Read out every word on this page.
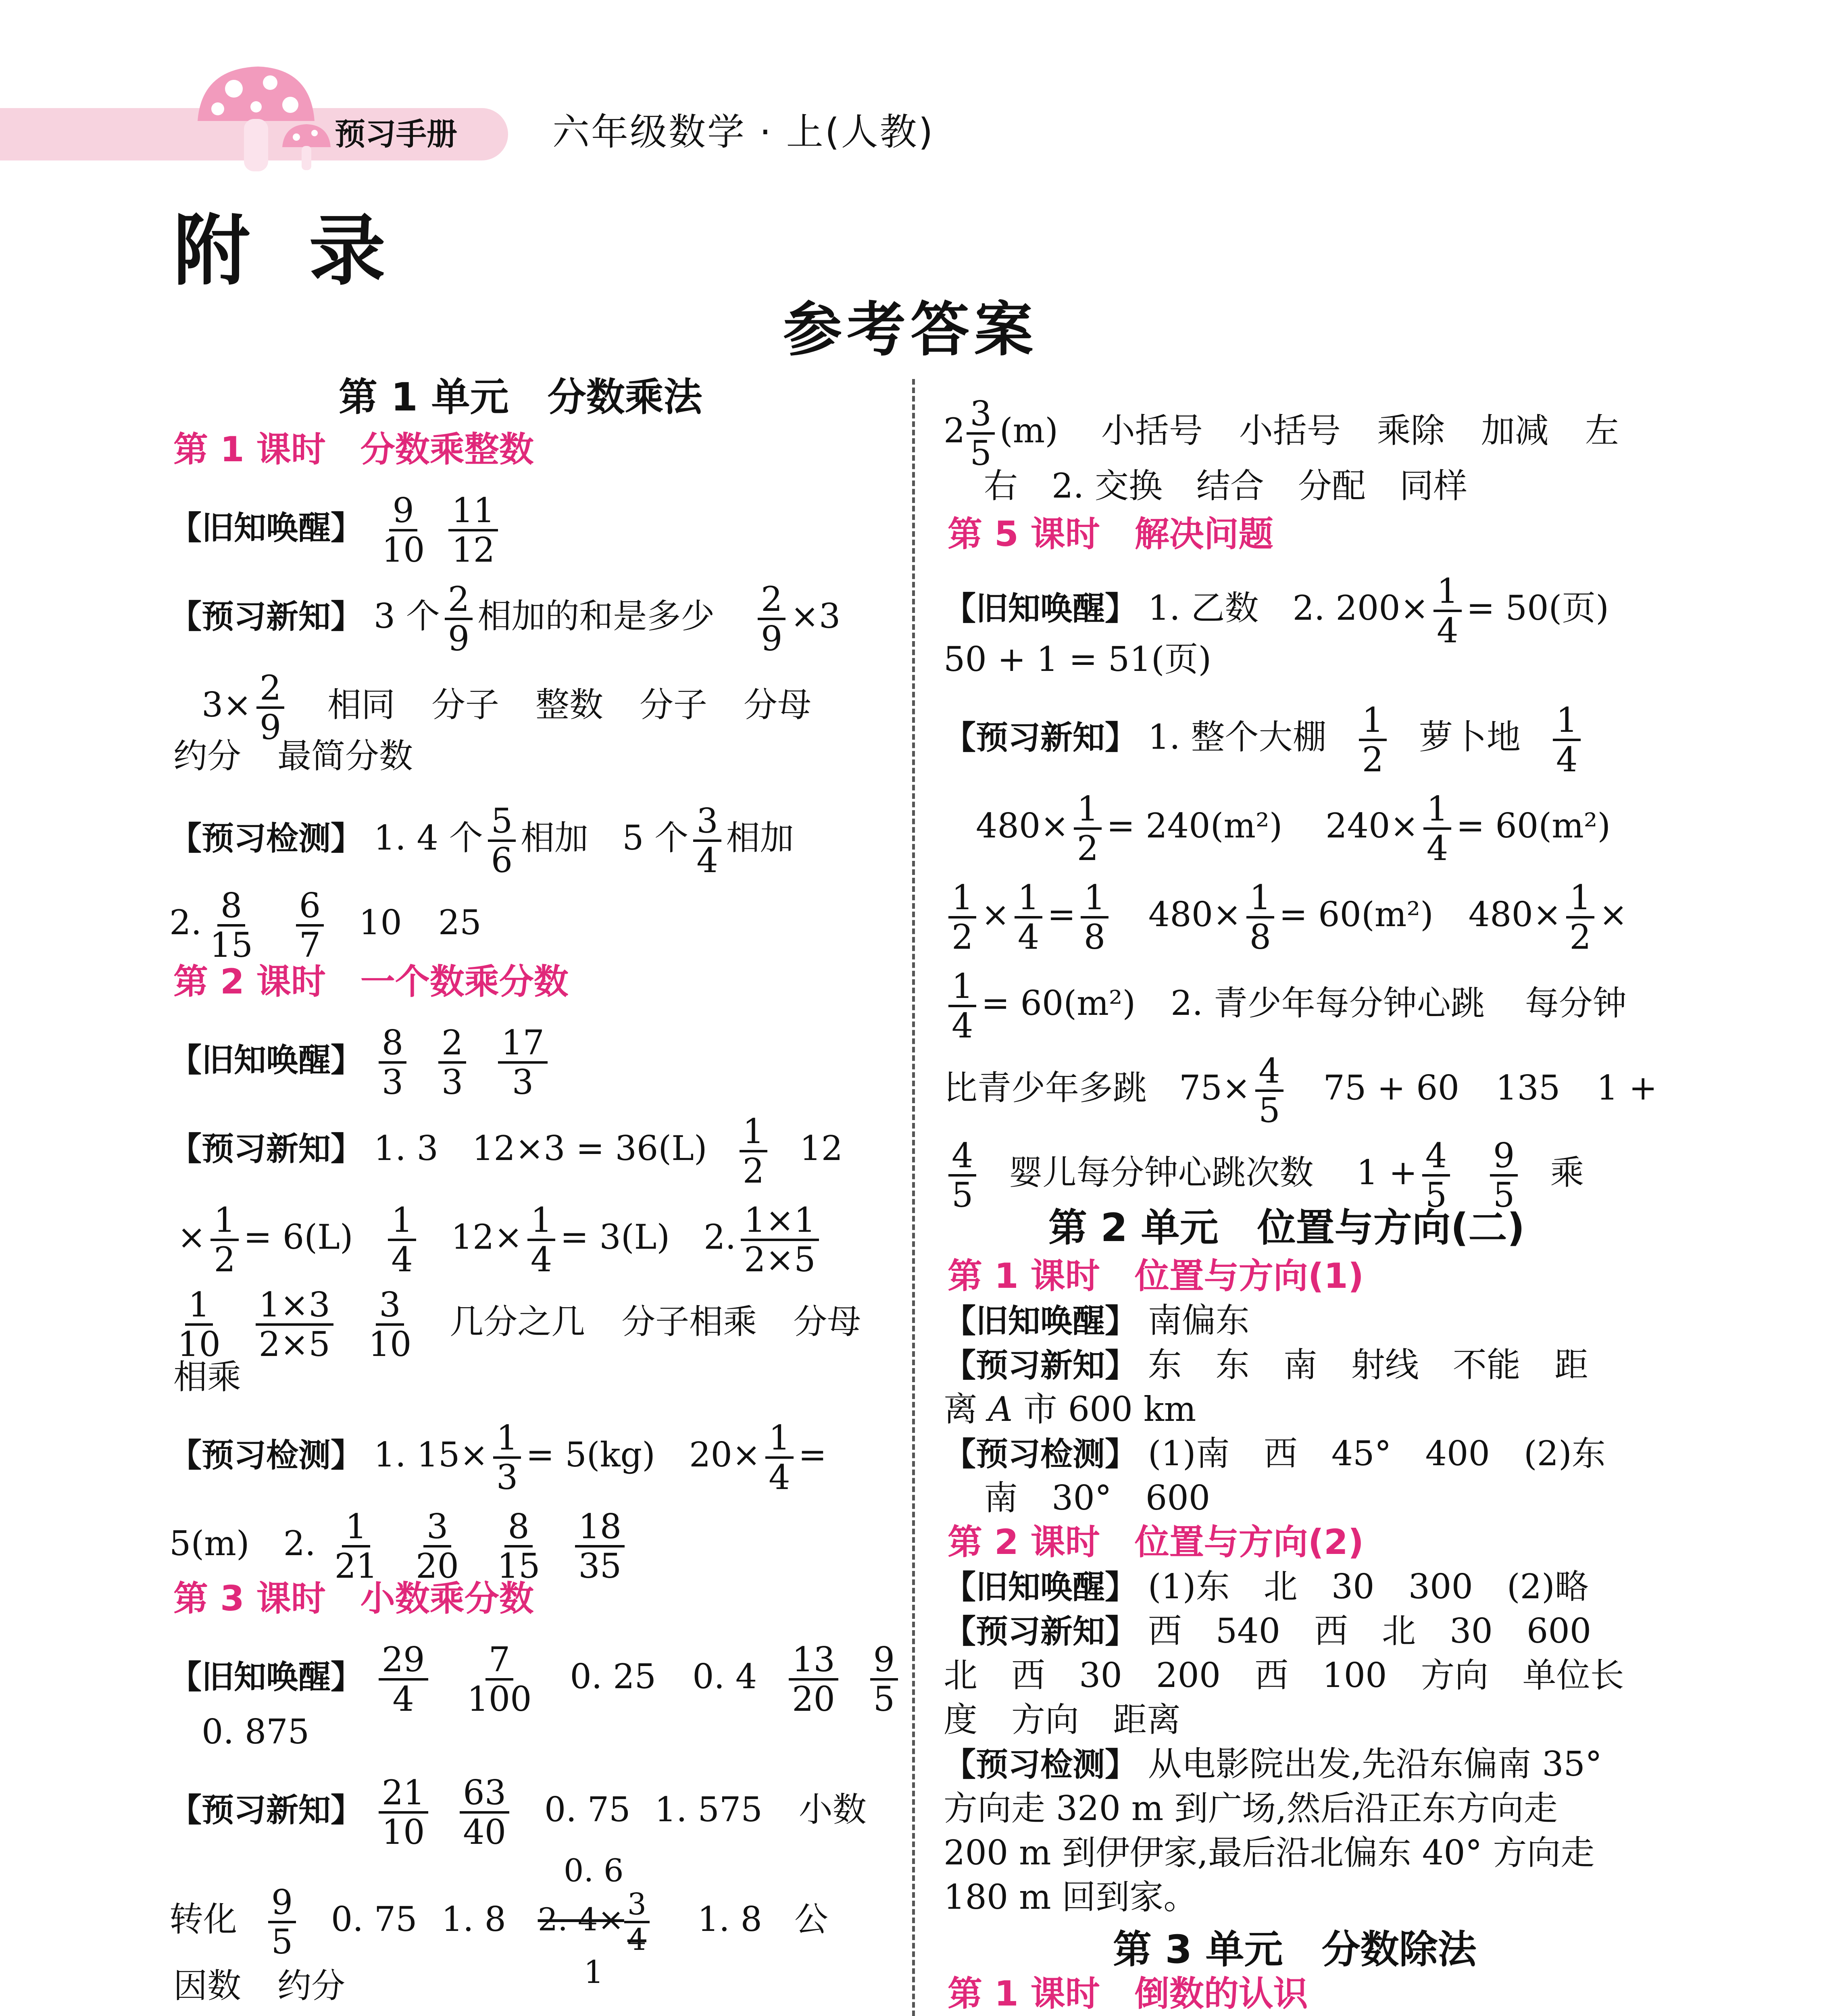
预习手册	六年级数学 · 上(人教)
附 录
参考答案
第 1 单元　分数乘法
第 1 课时　分数乘整数
【旧知唤醒】 $\frac{9}{10}$
$\frac{11}{12}$
【预习新知】 3 个 $\frac{2}{9}$ 相加的和是多少 $\frac{2}{9} \times 3$
$3\times \frac{2}{9}$ 相同 分子 整数 分子 分母
约分 最简分数
【预习检测】 1. 4 个 $\frac{5}{6}$ 相加　5 个 $\frac{3}{4}$ 相加
2. $\frac{8}{15}$
$\frac{6}{7} 10$ 25
第 2 课时　一个数乘分数
【旧知唤醒】 $\frac{8}{3}$
$\frac{2}{3}$
$\frac{17}{3}$
【预习新知】 1. 3　$12\times 3 = 36(L) \frac{1}{2} 12$
× $\frac{1}{2} = 6(L) \frac{1}{4} 12\times \frac{1}{4} = 3(L)$　2. $\frac{1\times 1}{2\times 5}$
$\frac{1}{10}$
$\frac{1\times 3}{2\times 5}$
$\frac{3}{10}$ 几分之几 分子相乘 分母
相乘
【预习检测】 1. $15\times \frac{1}{3} = 5(kg)$　$20\times \frac{1}{4}$ =
5(m)　2. $\frac{1}{21}$
$\frac{3}{20}$
$\frac{8}{15}$
$\frac{18}{35}$
第 3 课时　小数乘分数
【旧知唤醒】 $\frac{29}{4}$
$\frac{7}{100} 0$. 25 0. $4 \frac{13}{20}$
$\frac{9}{5}$
0. 875
【预习新知】 $\frac{21}{10}$
$\frac{63}{40} 0$. 75 1. 575 小数
转化 $\frac{9}{5} 0$. 75 1. 8
0. 6
2. $4\times \frac{3}{4}$
1
1. 8 公
因数 约分

$2 \frac{3}{5} (m)$ 小括号 小括号 乘除 加减 左
右　2. 交换　结合　分配　同样
第 5 课时　解决问题
【旧知唤醒】 1. 乙数　2. $200\times \frac{1}{4} = 50$(页)
50 + 1 = 51(页)
【预习新知】 1. 整个大棚 $\frac{1}{2}$ 萝卜地 $\frac{1}{4}$
$480\times \frac{1}{2} = 240(m^2)$ $240\times \frac{1}{4} = 60(m^2)$
$\frac{1}{2} \times \frac{1}{4} = \frac{1}{8} 480\times \frac{1}{8} = 60(m^2)$ $480\times \frac{1}{2}$ ×
$\frac{1}{4} = 60(m^2)$ 2. 青少年每分钟心跳 每分钟
比青少年多跳 $75\times \frac{4}{5} 75 + 60$ 135 1 +
$\frac{4}{5}$ 婴儿每分钟心跳次数 $1 + \frac{4}{5}$
$\frac{9}{5}$ 乘
第 2 单元　位置与方向(二)
第 1 课时　位置与方向(1)
【旧知唤醒】 南偏东
【预习新知】 东　东　南　射线　不能　距
离 A 市 600 km
【预习检测】 (1)南　西　45°　400　(2)东
南　30°　600
第 2 课时　位置与方向(2)
【旧知唤醒】 (1)东　北　30　300　(2)略
【预习新知】 西　540　西　北　30　600
北　西　30　200　西　100　方向　单位长
度　方向　距离
【预习检测】 从电影院出发,先沿东偏南 35°
方向走 320 m 到广场,然后沿正东方向走
200 m 到伊伊家,最后沿北偏东 40° 方向走
180 m 回到家。
第 3 单元　分数除法
第 1 课时　倒数的认识
